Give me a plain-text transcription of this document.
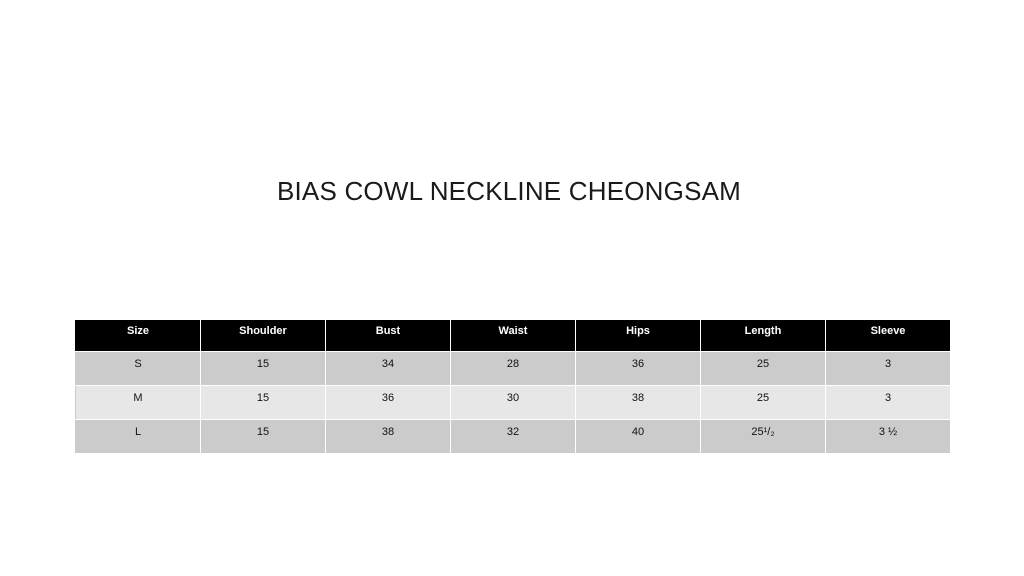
BIAS COWL NECKLINE CHEONGSAM
Size	Shoulder	Bust	Waist	Hips	Length	Sleeve
S	15	34	28	36	25	3
M	15	36	30	38	25	3
L	15	38	32	40	25¹/₂	3 ½
